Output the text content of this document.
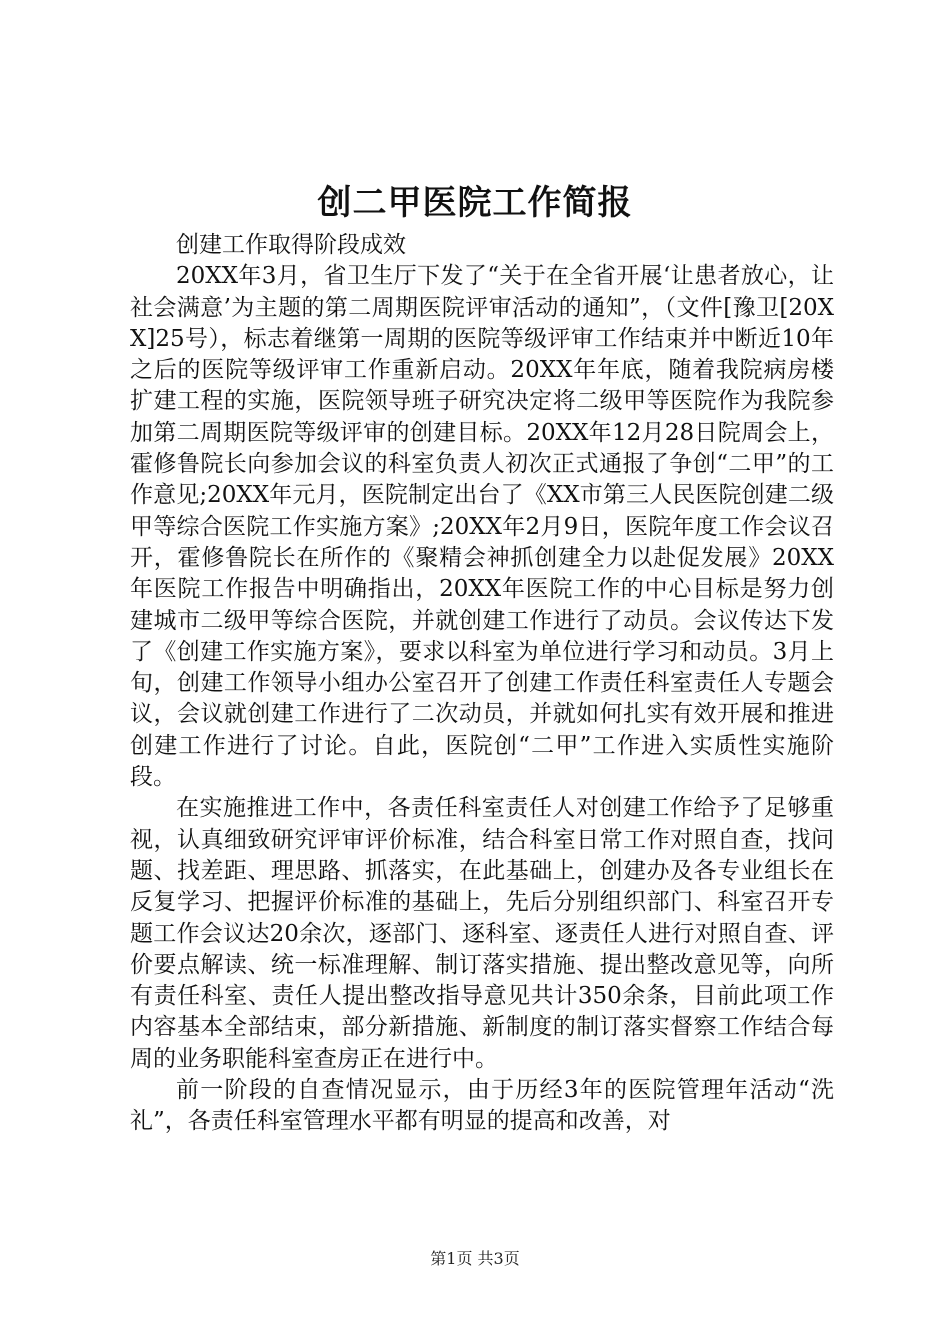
创二甲医院工作简报

创建工作取得阶段成效

20XX年3月，省卫生厅下发了“关于在全省开展‘让患者放心，让社会满意’为主题的第二周期医院评审活动的通知”，（文件[豫卫[20XX]25号），标志着继第一周期的医院等级评审工作结束并中断近10年之后的医院等级评审工作重新启动。20XX年年底，随着我院病房楼扩建工程的实施，医院领导班子研究决定将二级甲等医院作为我院参加第二周期医院等级评审的创建目标。20XX年12月28日院周会上，霍修鲁院长向参加会议的科室负责人初次正式通报了争创“二甲”的工作意见;20XX年元月，医院制定出台了《XX市第三人民医院创建二级甲等综合医院工作实施方案》;20XX年2月9日，医院年度工作会议召开，霍修鲁院长在所作的《聚精会神抓创建全力以赴促发展》20XX年医院工作报告中明确指出，20XX年医院工作的中心目标是努力创建城市二级甲等综合医院，并就创建工作进行了动员。会议传达下发了《创建工作实施方案》，要求以科室为单位进行学习和动员。3月上旬，创建工作领导小组办公室召开了创建工作责任科室责任人专题会议，会议就创建工作进行了二次动员，并就如何扎实有效开展和推进创建工作进行了讨论。自此，医院创“二甲”工作进入实质性实施阶段。

在实施推进工作中，各责任科室责任人对创建工作给予了足够重视，认真细致研究评审评价标准，结合科室日常工作对照自查，找问题、找差距、理思路、抓落实，在此基础上，创建办及各专业组长在反复学习、把握评价标准的基础上，先后分别组织部门、科室召开专题工作会议达20余次，逐部门、逐科室、逐责任人进行对照自查、评价要点解读、统一标准理解、制订落实措施、提出整改意见等，向所有责任科室、责任人提出整改指导意见共计350余条，目前此项工作内容基本全部结束，部分新措施、新制度的制订落实督察工作结合每周的业务职能科室查房正在进行中。

前一阶段的自查情况显示，由于历经3年的医院管理年活动“洗礼”，各责任科室管理水平都有明显的提高和改善，对

第1页 共3页
